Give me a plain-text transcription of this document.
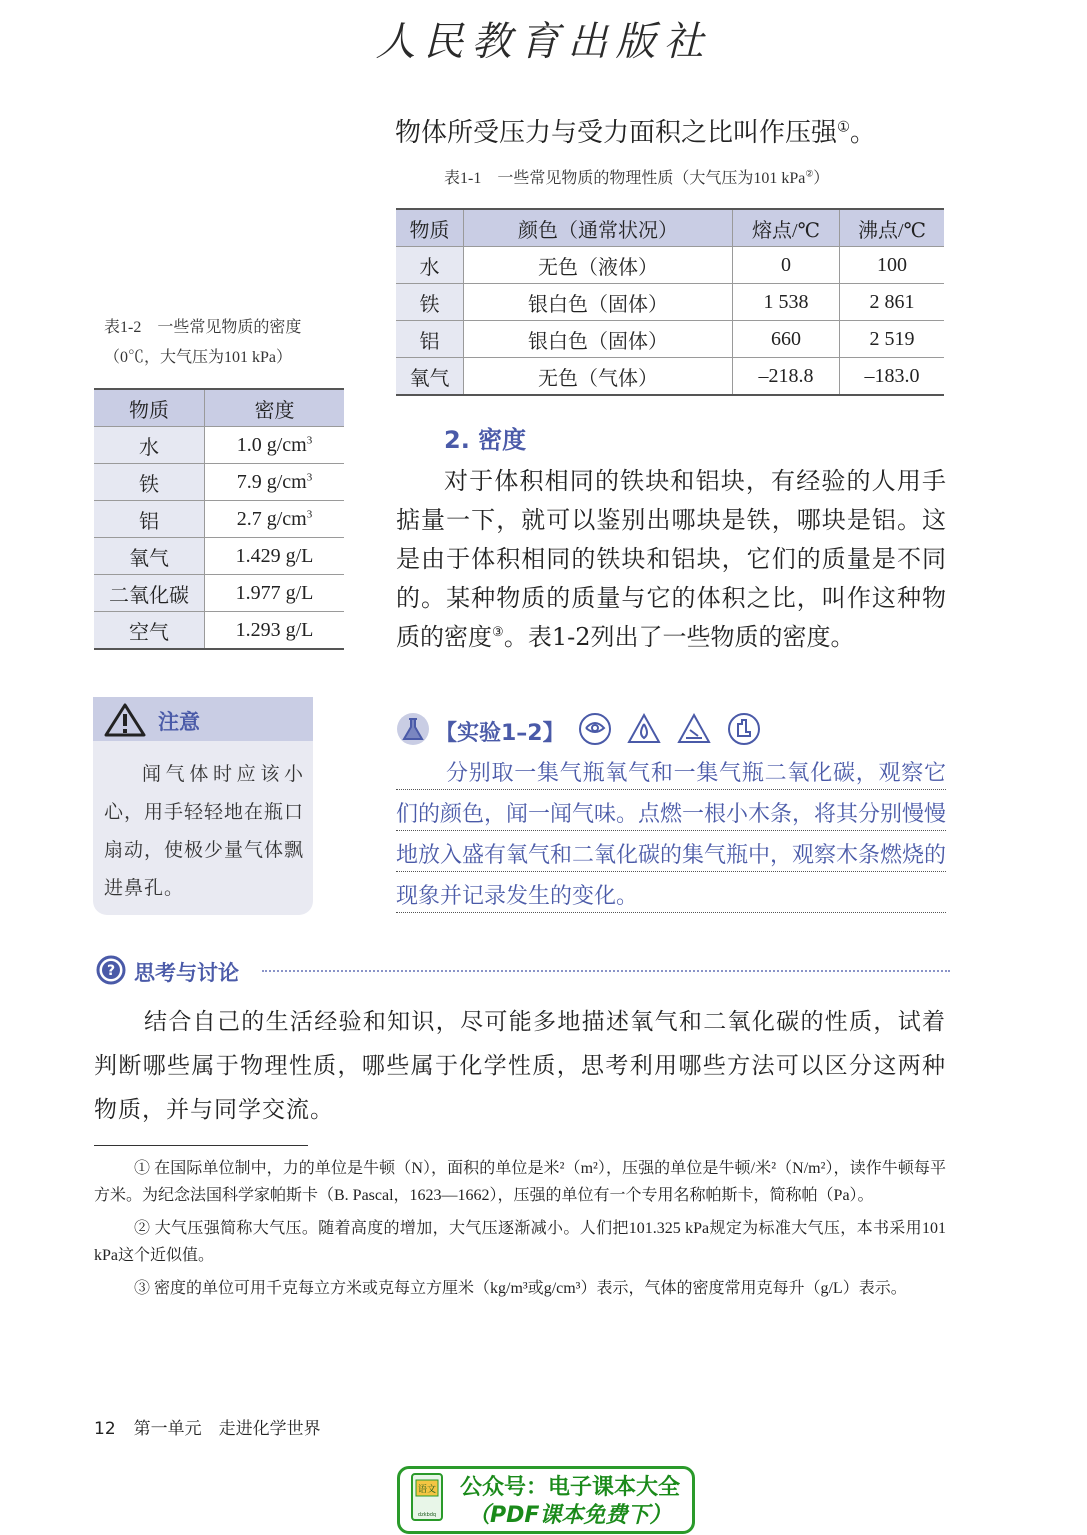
人民教育出版社
物体所受压力与受力面积之比叫作压强①。
表1-1　一些常见物质的物理性质（大气压为101 kPa②）
物质	颜色（通常状况）	熔点/℃	沸点/℃
水	无色（液体）	0	100
铁	银白色（固体）	1 538	2 861
铝	银白色（固体）	660	2 519
氧气	无色（气体）	–218.8	–183.0
表1-2　一些常见物质的密度
（0℃，大气压为101 kPa）
物质	密度
水	1.0 $g/cm^3$
铁	7.9 $g/cm^3$
铝	2.7 $g/cm^3$
氧气	1.429 g/L
二氧化碳	1.977 g/L
空气	1.293 g/L
2. 密度

对于体积相同的铁块和铝块，有经验的人用手掂量一下，就可以鉴别出哪块是铁，哪块是铝。这是由于体积相同的铁块和铝块，它们的质量是不同的。某种物质的质量与它的体积之比，叫作这种物质的密度③。表1-2列出了一些物质的密度。

注意

闻气体时应该小心，用手轻轻地在瓶口扇动，使极少量气体飘进鼻孔。

【实验1–2】

分别取一集气瓶氧气和一集气瓶二氧化碳，观察它们的颜色，闻一闻气味。点燃一根小木条，将其分别慢慢地放入盛有氧气和二氧化碳的集气瓶中，观察木条燃烧的现象并记录发生的变化。

? 思考与讨论

结合自己的生活经验和知识，尽可能多地描述氧气和二氧化碳的性质，试着判断哪些属于物理性质，哪些属于化学性质，思考利用哪些方法可以区分这两种物质，并与同学交流。

① 在国际单位制中，力的单位是牛顿（N），面积的单位是米²（m²），压强的单位是牛顿/米²（N/m²），读作牛顿每平方米。为纪念法国科学家帕斯卡（B. Pascal，1623—1662），压强的单位有一个专用名称帕斯卡，简称帕（Pa）。

② 大气压强简称大气压。随着高度的增加，大气压逐渐减小。人们把101.325 kPa规定为标准大气压，本书采用101 kPa这个近似值。

③ 密度的单位可用千克每立方米或克每立方厘米（kg/m³或g/cm³）表示，气体的密度常用克每升（g/L）表示。

12 第一单元　走进化学世界
语文
dzkbdq
公众号：电子课本大全
（PDF课本免费下）
